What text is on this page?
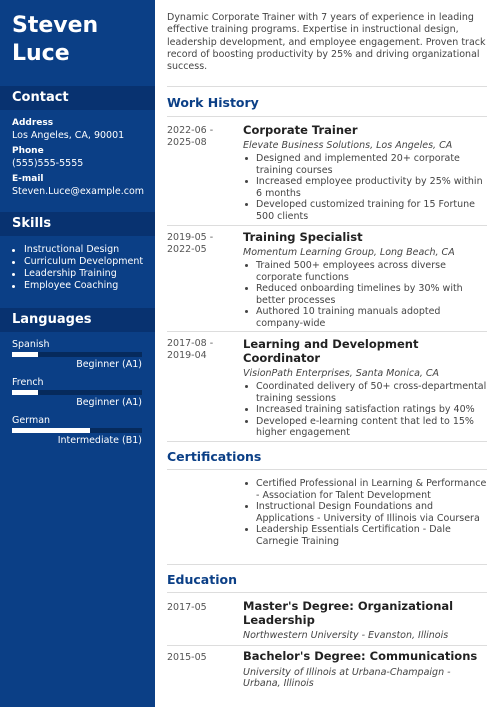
Steven
Luce
Contact
Address
Los Angeles, CA, 90001
Phone
(555)555-5555
E-mail
Steven.Luce@example.com
Skills
Instructional Design
Curriculum Development
Leadership Training
Employee Coaching
Languages
Spanish
Beginner (A1)
French
Beginner (A1)
German
Intermediate (B1)
Dynamic Corporate Trainer with 7 years of experience in leading effective training programs. Expertise in instructional design, leadership development, and employee engagement. Proven track record of boosting productivity by 25% and driving organizational success.
Work History
2022-06 -
2025-08
Corporate Trainer
Elevate Business Solutions, Los Angeles, CA
Designed and implemented 20+ corporate training courses
Increased employee productivity by 25% within 6 months
Developed customized training for 15 Fortune 500 clients
2019-05 -
2022-05
Training Specialist
Momentum Learning Group, Long Beach, CA
Trained 500+ employees across diverse corporate functions
Reduced onboarding timelines by 30% with better processes
Authored 10 training manuals adopted company-wide
2017-08 -
2019-04
Learning and Development Coordinator
VisionPath Enterprises, Santa Monica, CA
Coordinated delivery of 50+ cross-departmental training sessions
Increased training satisfaction ratings by 40%
Developed e-learning content that led to 15% higher engagement
Certifications
Certified Professional in Learning & Performance - Association for Talent Development
Instructional Design Foundations and Applications - University of Illinois via Coursera
Leadership Essentials Certification - Dale Carnegie Training
Education
2017-05	Master's Degree: Organizational Leadership
Northwestern University - Evanston, Illinois
2015-05	Bachelor's Degree: Communications
University of Illinois at Urbana-Champaign - Urbana, Illinois
